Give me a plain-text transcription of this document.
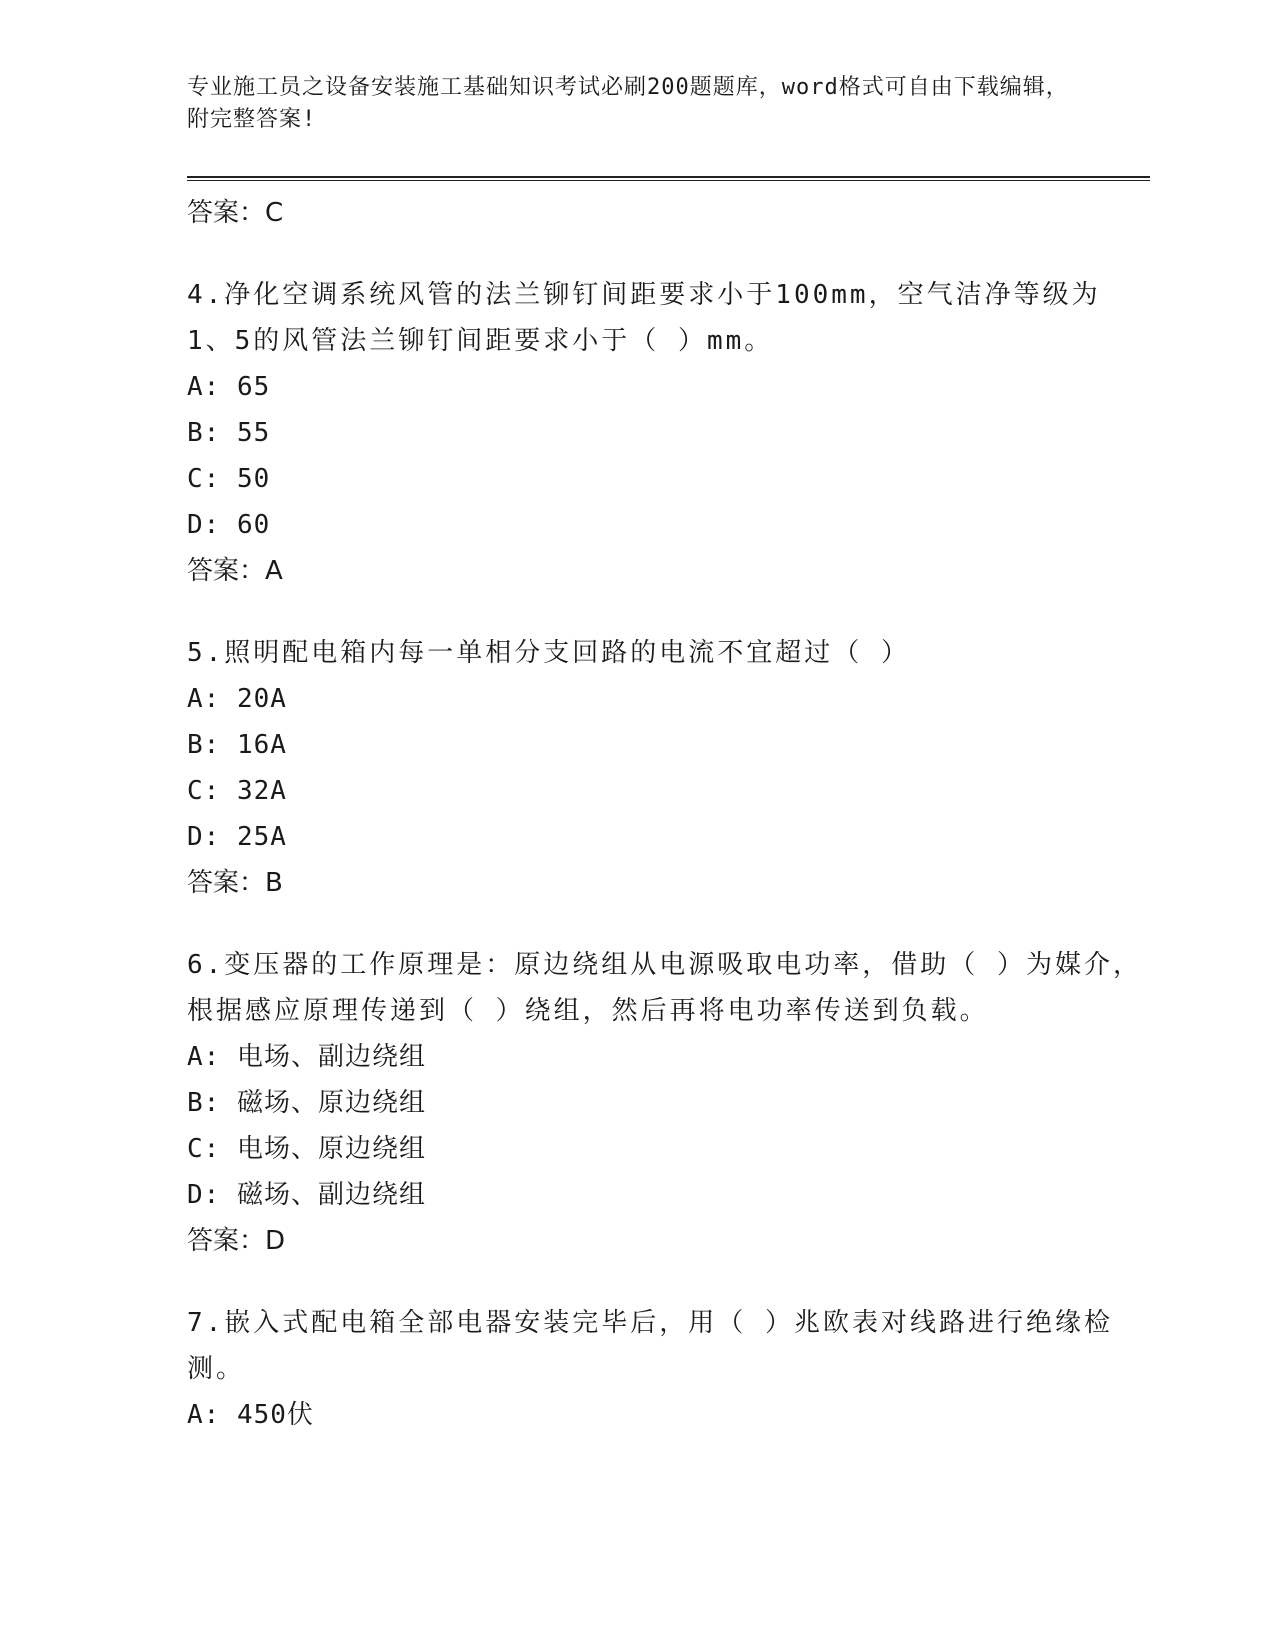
专业施工员之设备安装施工基础知识考试必刷200题题库，word格式可自由下载编辑，附完整答案!
答案：C
4.净化空调系统风管的法兰铆钉间距要求小于100mm，空气洁净等级为1、5的风管法兰铆钉间距要求小于（ ）mm。
A: 65
B: 55
C: 50
D: 60
答案：A
5.照明配电箱内每一单相分支回路的电流不宜超过（ ）
A: 20A
B: 16A
C: 32A
D: 25A
答案：B
6.变压器的工作原理是：原边绕组从电源吸取电功率，借助（ ）为媒介，根据感应原理传递到（ ）绕组，然后再将电功率传送到负载。
A: 电场、副边绕组
B: 磁场、原边绕组
C: 电场、原边绕组
D: 磁场、副边绕组
答案：D
7.嵌入式配电箱全部电器安装完毕后，用（ ）兆欧表对线路进行绝缘检测。
A: 450伏
